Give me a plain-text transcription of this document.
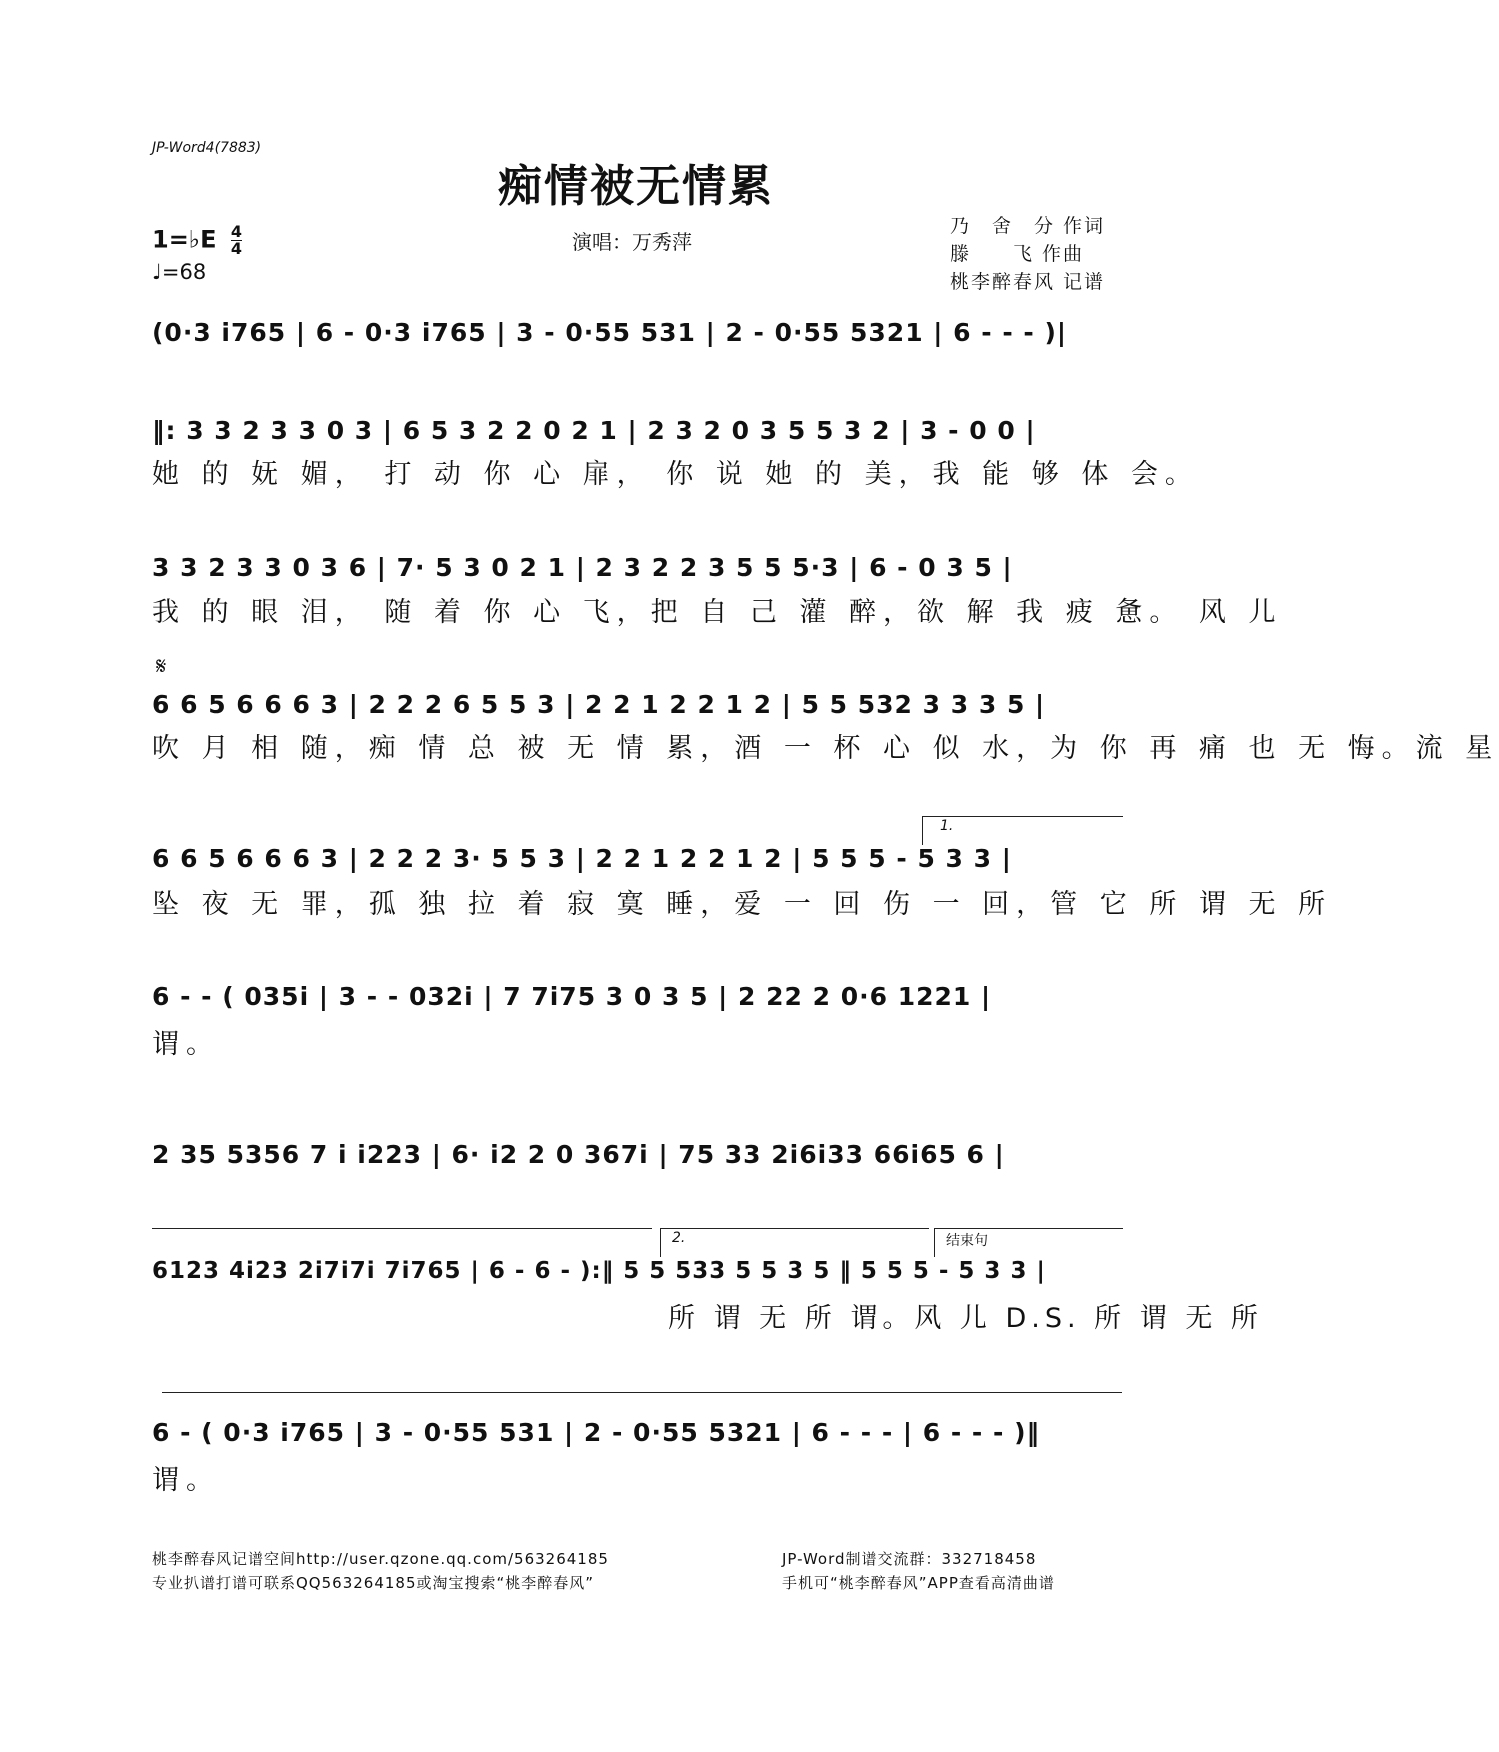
JP-Word4(7883)
痴情被无情累
演唱：万秀萍
乃　舍　分 作词
滕　　飞 作曲
桃李醉春风 记谱
1=♭E $\frac{4}{4}$
♩=68
(0·3 i765 | 6 - 0·3 i765 | 3 - 0·55 531 | 2 - 0·55 5321 | 6 - - - )|
‖: 3 3 2 3 3 0 3 | 6 5 3 2 2 0 2 1 | 2 3 2 0 3 5 5 3 2 | 3 - 0 0 |
她 的 妩 媚， 打 动 你 心 扉， 你 说 她 的 美，我 能 够 体 会。
3 3 2 3 3 0 3 6 | 7· 5 3 0 2 1 | 2 3 2 2 3 5 5 5·3 | 6 - 0 3 5 |
我 的 眼 泪， 随 着 你 心 飞，把 自 己 灌 醉，欲 解 我 疲 惫。 风 儿
𝄋
6 6 5 6 6 6 3 | 2 2 2 6 5 5 3 | 2 2 1 2 2 1 2 | 5 5 532 3 3 3 5 |
吹 月 相 随，痴 情 总 被 无 情 累，酒 一 杯 心 似 水，为 你 再 痛 也 无 悔。流 星
1.
6 6 5 6 6 6 3 | 2 2 2 3· 5 5 3 | 2 2 1 2 2 1 2 | 5 5 5 - 5 3 3 |
坠 夜 无 罪，孤 独 拉 着 寂 寞 睡，爱 一 回 伤 一 回，管 它 所 谓 无 所
6 - - ( 035i | 3 - - 032i | 7 7i75 3 0 3 5 | 2 22 2 0·6 1221 |
谓。
2 35 5356 7 i i223 | 6· i2 2 0 367i | 75 33 2i6i33 66i65 6 |
2.	结束句
6123 4i23 2i7i7i 7i765 | 6 - 6 - ):‖ 5 5 533 5 5 3 5 ‖ 5 5 5 - 5 3 3 |
所 谓 无 所 谓。风 儿 D.S. 所 谓 无 所
6 - ( 0·3 i765 | 3 - 0·55 531 | 2 - 0·55 5321 | 6 - - - | 6 - - - )‖
谓。
桃李醉春风记谱空间http://user.qzone.qq.com/563264185
专业扒谱打谱可联系QQ563264185或淘宝搜索“桃李醉春风”
JP-Word制谱交流群：332718458
手机可“桃李醉春风”APP查看高清曲谱
